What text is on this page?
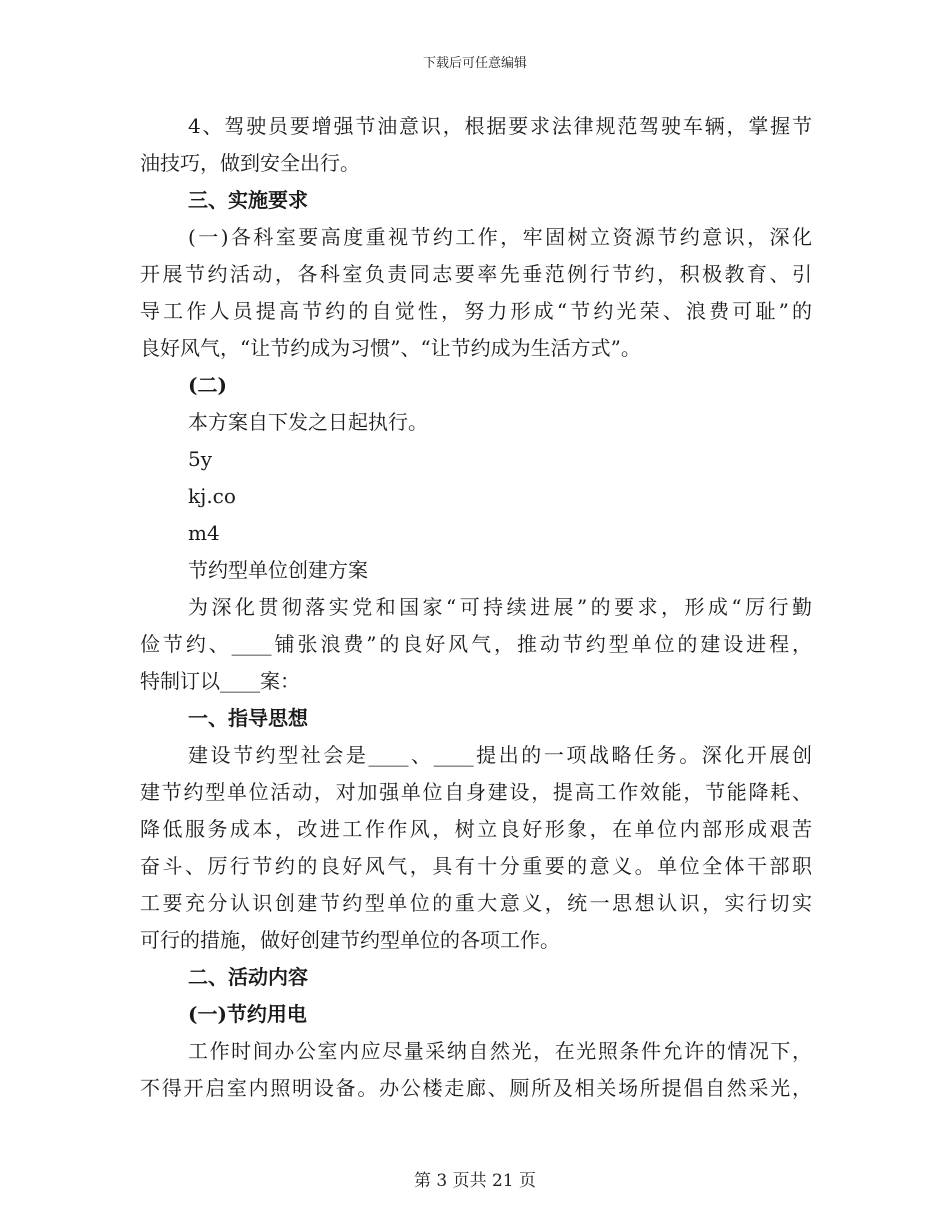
下载后可任意编辑
4、驾驶员要增强节油意识，根据要求法律规范驾驶车辆，掌握节
油技巧，做到安全出行。
三、实施要求
(一)各科室要高度重视节约工作，牢固树立资源节约意识，深化
开展节约活动，各科室负责同志要率先垂范例行节约，积极教育、引
导工作人员提高节约的自觉性，努力形成“节约光荣、浪费可耻”的
良好风气，“让节约成为习惯”、“让节约成为生活方式”。
(二)
本方案自下发之日起执行。
5y
kj.co
m4
节约型单位创建方案
为深化贯彻落实党和国家“可持续进展”的要求，形成“厉行勤
俭节约、____铺张浪费”的良好风气，推动节约型单位的建设进程，
特制订以____案：
一、指导思想
建设节约型社会是____、____提出的一项战略任务。深化开展创
建节约型单位活动，对加强单位自身建设，提高工作效能，节能降耗、
降低服务成本，改进工作作风，树立良好形象，在单位内部形成艰苦
奋斗、厉行节约的良好风气，具有十分重要的意义。单位全体干部职
工要充分认识创建节约型单位的重大意义，统一思想认识，实行切实
可行的措施，做好创建节约型单位的各项工作。
二、活动内容
(一)节约用电
工作时间办公室内应尽量采纳自然光，在光照条件允许的情况下，
不得开启室内照明设备。办公楼走廊、厕所及相关场所提倡自然采光，
第 3 页共 21 页
